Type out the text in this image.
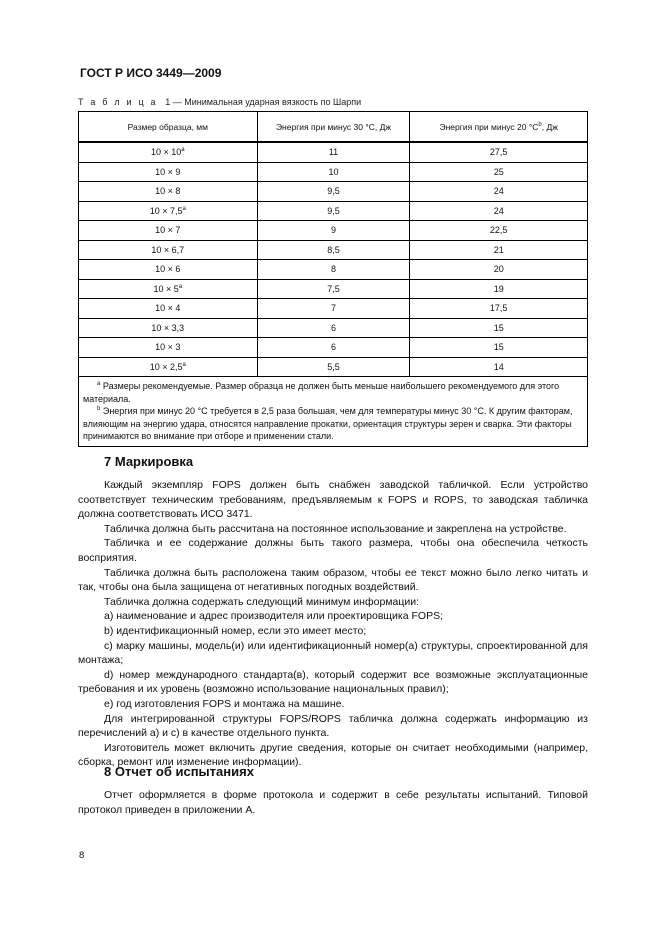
ГОСТ Р ИСО 3449—2009
Т а б л и ц а 1 — Минимальная ударная вязкость по Шарпи
Размер образца, мм	Энергия при минус 30 °С, Дж	Энергия при минус 20 $^\circ С^b$, Дж
$10 \times 10^a$	11	27,5
10 × 9	10	25
10 × 8	9,5	24
10 × 7,5$^a$	9,5	24
10 × 7	9	22,5
10 × 6,7	8,5	21
10 × 6	8	20
$10 \times 5^a$	7,5	19
10 × 4	7	17,5
10 × 3,3	6	15
10 × 3	6	15
10 × 2,5$^a$	5,5	14

$^a$ Размеры рекомендуемые. Размер образца не должен быть меньше наибольшего рекомендуемого для этого материала.
$^b$ Энергия при минус 20 °С требуется в 2,5 раза большая, чем для температуры минус 30 °С. К другим факторам, влияющим на энергию удара, относятся направление прокатки, ориентация структуры зерен и сварка. Эти факторы принимаются во внимание при отборе и применении стали.		
7 Маркировка

Каждый экземпляр FOPS должен быть снабжен заводской табличкой. Если устройство соответствует техническим требованиям, предъявляемым к FOPS и ROPS, то заводская табличка должна соответствовать ИСО 3471.

Табличка должна быть рассчитана на постоянное использование и закреплена на устройстве.

Табличка и ее содержание должны быть такого размера, чтобы она обеспечила четкость восприятия.

Табличка должна быть расположена таким образом, чтобы ее текст можно было легко читать и так, чтобы она была защищена от негативных погодных воздействий.

Табличка должна содержать следующий минимум информации:

a) наименование и адрес производителя или проектировщика FOPS;

b) идентификационный номер, если это имеет место;

c) марку машины, модель(и) или идентификационный номер(а) структуры, спроектированной для монтажа;

d) номер международного стандарта(в), который содержит все возможные эксплуатационные требования и их уровень (возможно использование национальных правил);

e) год изготовления FOPS и монтажа на машине.

Для интегрированной структуры FOPS/ROPS табличка должна содержать информацию из перечислений а) и с) в качестве отдельного пункта.

Изготовитель может включить другие сведения, которые он считает необходимыми (например, сборка, ремонт или изменение информации).

8 Отчет об испытаниях

Отчет оформляется в форме протокола и содержит в себе результаты испытаний. Типовой протокол приведен в приложении А.

8
